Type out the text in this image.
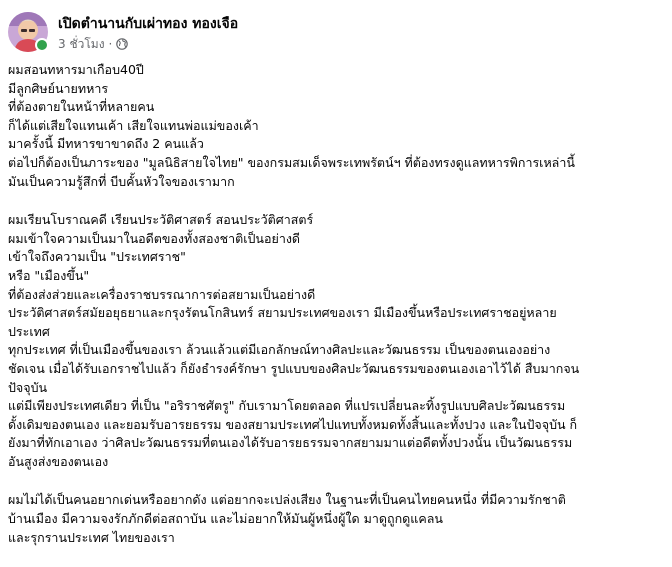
เปิดตำนานกับเผ่าทอง ทองเจือ
3 ชั่วโมง ·
ผมสอนทหารมาเกือบ40ปี
มีลูกศิษย์นายทหาร
ที่ต้องตายในหน้าที่หลายคน
ก็ได้แต่เสียใจแทนเค้า เสียใจแทนพ่อแม่ของเค้า
มาครั้งนี้ มีทหารขาขาดถึง 2 คนแล้ว
ต่อไปก็ต้องเป็นภาระของ "มูลนิธิสายใจไทย" ของกรมสมเด็จพระเทพรัตน์ฯ ที่ต้องทรงดูแลทหารพิการเหล่านี้
มันเป็นความรู้สึกที่ บีบคั้นหัวใจของเรามาก
ผมเรียนโบราณคดี เรียนประวัติศาสตร์ สอนประวัติศาสตร์
ผมเข้าใจความเป็นมาในอดีตของทั้งสองชาติเป็นอย่างดี
เข้าใจถึงความเป็น "ประเทศราช"
หรือ "เมืองขึ้น"
ที่ต้องส่งส่วยและเครื่องราชบรรณาการต่อสยามเป็นอย่างดี
ประวัติศาสตร์สมัยอยุธยาและกรุงรัตนโกสินทร์ สยามประเทศของเรา มีเมืองขึ้นหรือประเทศราชอยู่หลาย
ประเทศ
ทุกประเทศ ที่เป็นเมืองขึ้นของเรา ล้วนแล้วแต่มีเอกลักษณ์ทางศิลปะและวัฒนธรรม เป็นของตนเองอย่าง
ชัดเจน เมื่อได้รับเอกราชไปแล้ว ก็ยังธำรงค์รักษา รูปแบบของศิลปะวัฒนธรรมของตนเองเอาไว้ได้ สืบมากจน
ปัจจุบัน
แต่มีเพียงประเทศเดียว ที่เป็น "อริราชศัตรู" กับเรามาโดยตลอด ที่แปรเปลี่ยนละทิ้งรูปแบบศิลปะวัฒนธรรม
ดั้งเดิมของตนเอง และยอมรับอารยธรรม ของสยามประเทศไปแทบทั้งหมดทั้งสิ้นและทั้งปวง และในปัจจุบัน ก็
ยังมาที่ทักเอาเอง ว่าศิลปะวัฒนธรรมที่ตนเองได้รับอารยธรรมจากสยามมาแต่อดีตทั้งปวงนั้น เป็นวัฒนธรรม
อันสูงส่งของตนเอง
ผมไม่ได้เป็นคนอยากเด่นหรืออยากดัง แต่อยากจะเปล่งเสียง ในฐานะที่เป็นคนไทยคนหนึ่ง ที่มีความรักชาติ
บ้านเมือง มีความจงรักภักดีต่อสถาบัน และไม่อยากให้มันผู้หนึ่งผู้ใด มาดูถูกดูแคลน
และรุกรานประเทศ ไทยของเรา
